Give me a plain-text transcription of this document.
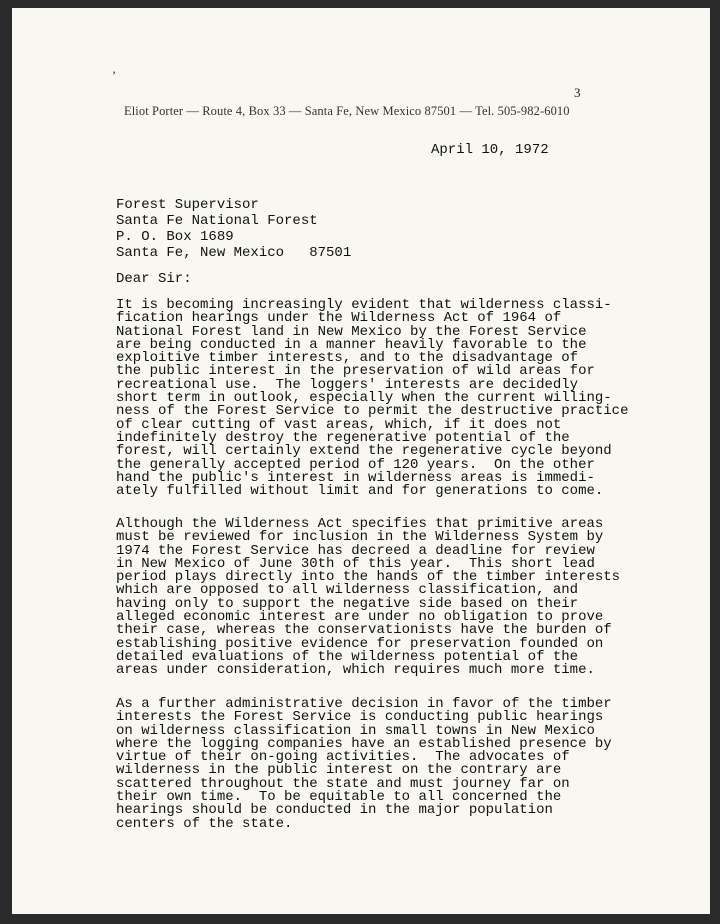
’
3
Eliot Porter — Route 4, Box 33 — Santa Fe, New Mexico 87501 — Tel. 505-982-6010
April 10, 1972
Forest Supervisor
Santa Fe National Forest
P. O. Box 1689
Santa Fe, New Mexico   87501
Dear Sir:
It is becoming increasingly evident that wilderness classi-
fication hearings under the Wilderness Act of 1964 of
National Forest land in New Mexico by the Forest Service
are being conducted in a manner heavily favorable to the
exploitive timber interests, and to the disadvantage of
the public interest in the preservation of wild areas for
recreational use.  The loggers' interests are decidedly
short term in outlook, especially when the current willing-
ness of the Forest Service to permit the destructive practice
of clear cutting of vast areas, which, if it does not
indefinitely destroy the regenerative potential of the
forest, will certainly extend the regenerative cycle beyond
the generally accepted period of 120 years.  On the other
hand the public's interest in wilderness areas is immedi-
ately fulfilled without limit and for generations to come.
Although the Wilderness Act specifies that primitive areas
must be reviewed for inclusion in the Wilderness System by
1974 the Forest Service has decreed a deadline for review
in New Mexico of June 30th of this year.  This short lead
period plays directly into the hands of the timber interests
which are opposed to all wilderness classification, and
having only to support the negative side based on their
alleged economic interest are under no obligation to prove
their case, whereas the conservationists have the burden of
establishing positive evidence for preservation founded on
detailed evaluations of the wilderness potential of the
areas under consideration, which requires much more time.
As a further administrative decision in favor of the timber
interests the Forest Service is conducting public hearings
on wilderness classification in small towns in New Mexico
where the logging companies have an established presence by
virtue of their on-going activities.  The advocates of
wilderness in the public interest on the contrary are
scattered throughout the state and must journey far on
their own time.  To be equitable to all concerned the
hearings should be conducted in the major population
centers of the state.
